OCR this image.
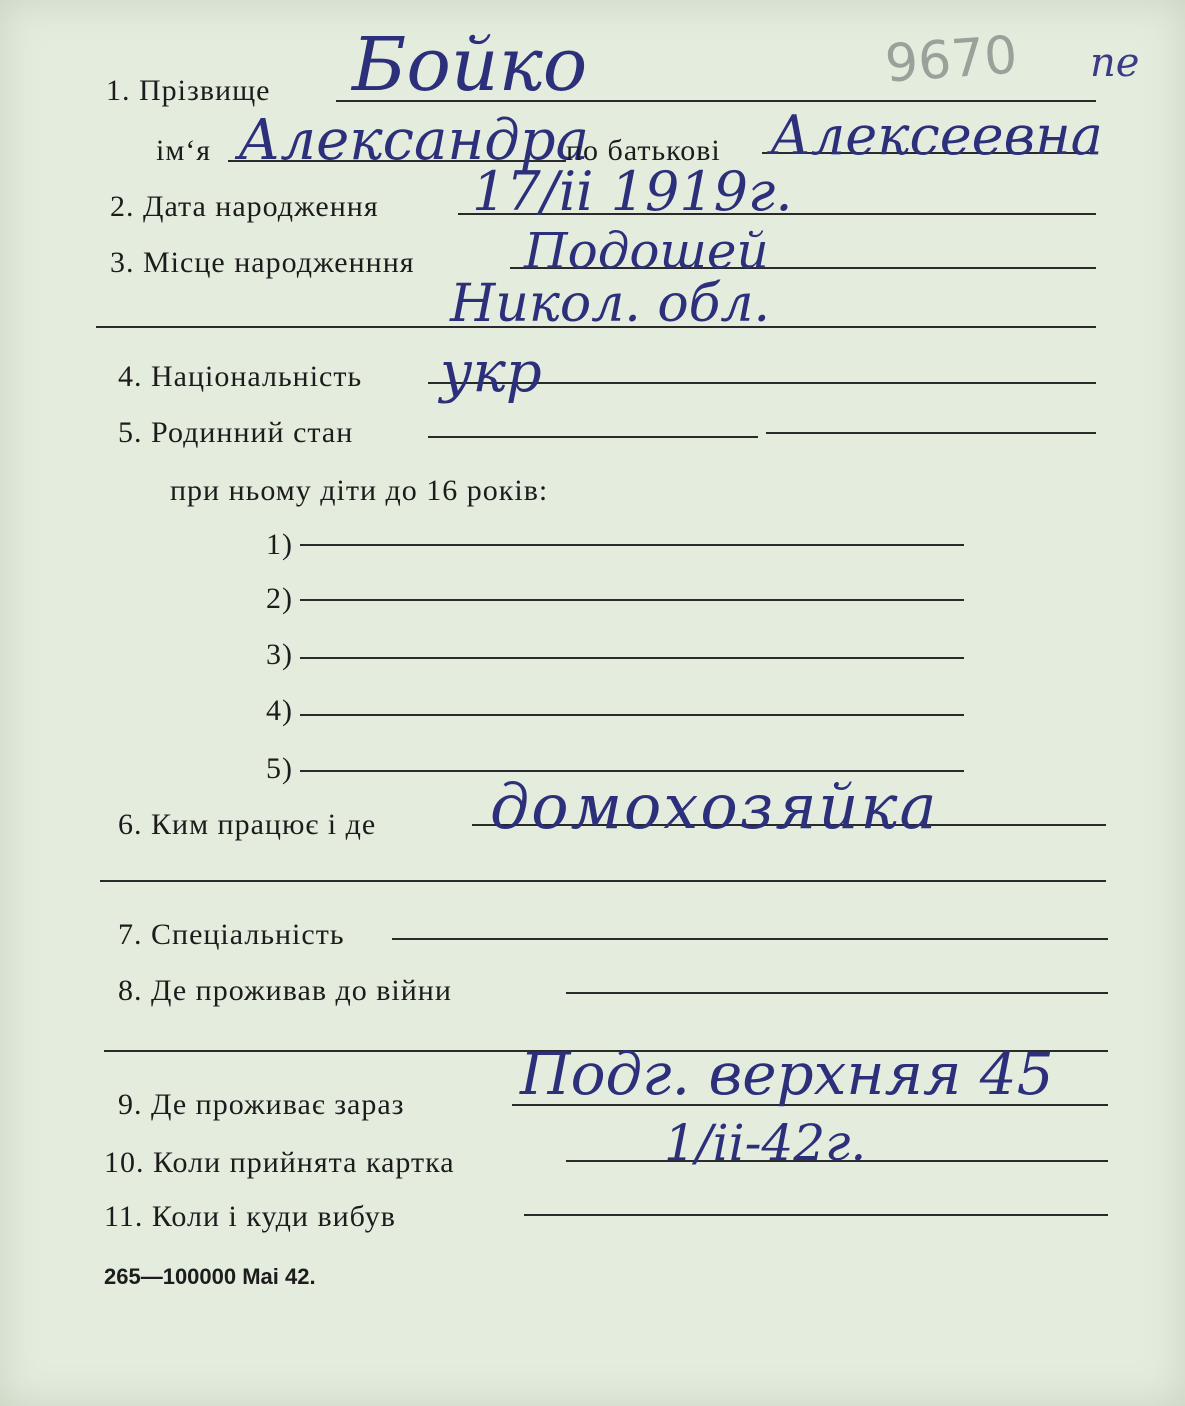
9670 пе
1. Прізвище Бойко
ім‘я Александра
по батькові Алексеевна
2. Дата народження 17/іі 1919г.
3. Місце народженння Подошей
Никол. обл.
4. Національність укр
5. Родинний стан
при ньому діти до 16 років:
1)
2)
3)
4)
5)
6. Ким працює і де домохозяйка
7. Спеціальність
8. Де проживав до війни
9. Де проживає зараз Подг. верхняя 45
10. Коли прийнята картка	1/іі-42г.
11. Коли і куди вибув
265—100000 Mai 42.
